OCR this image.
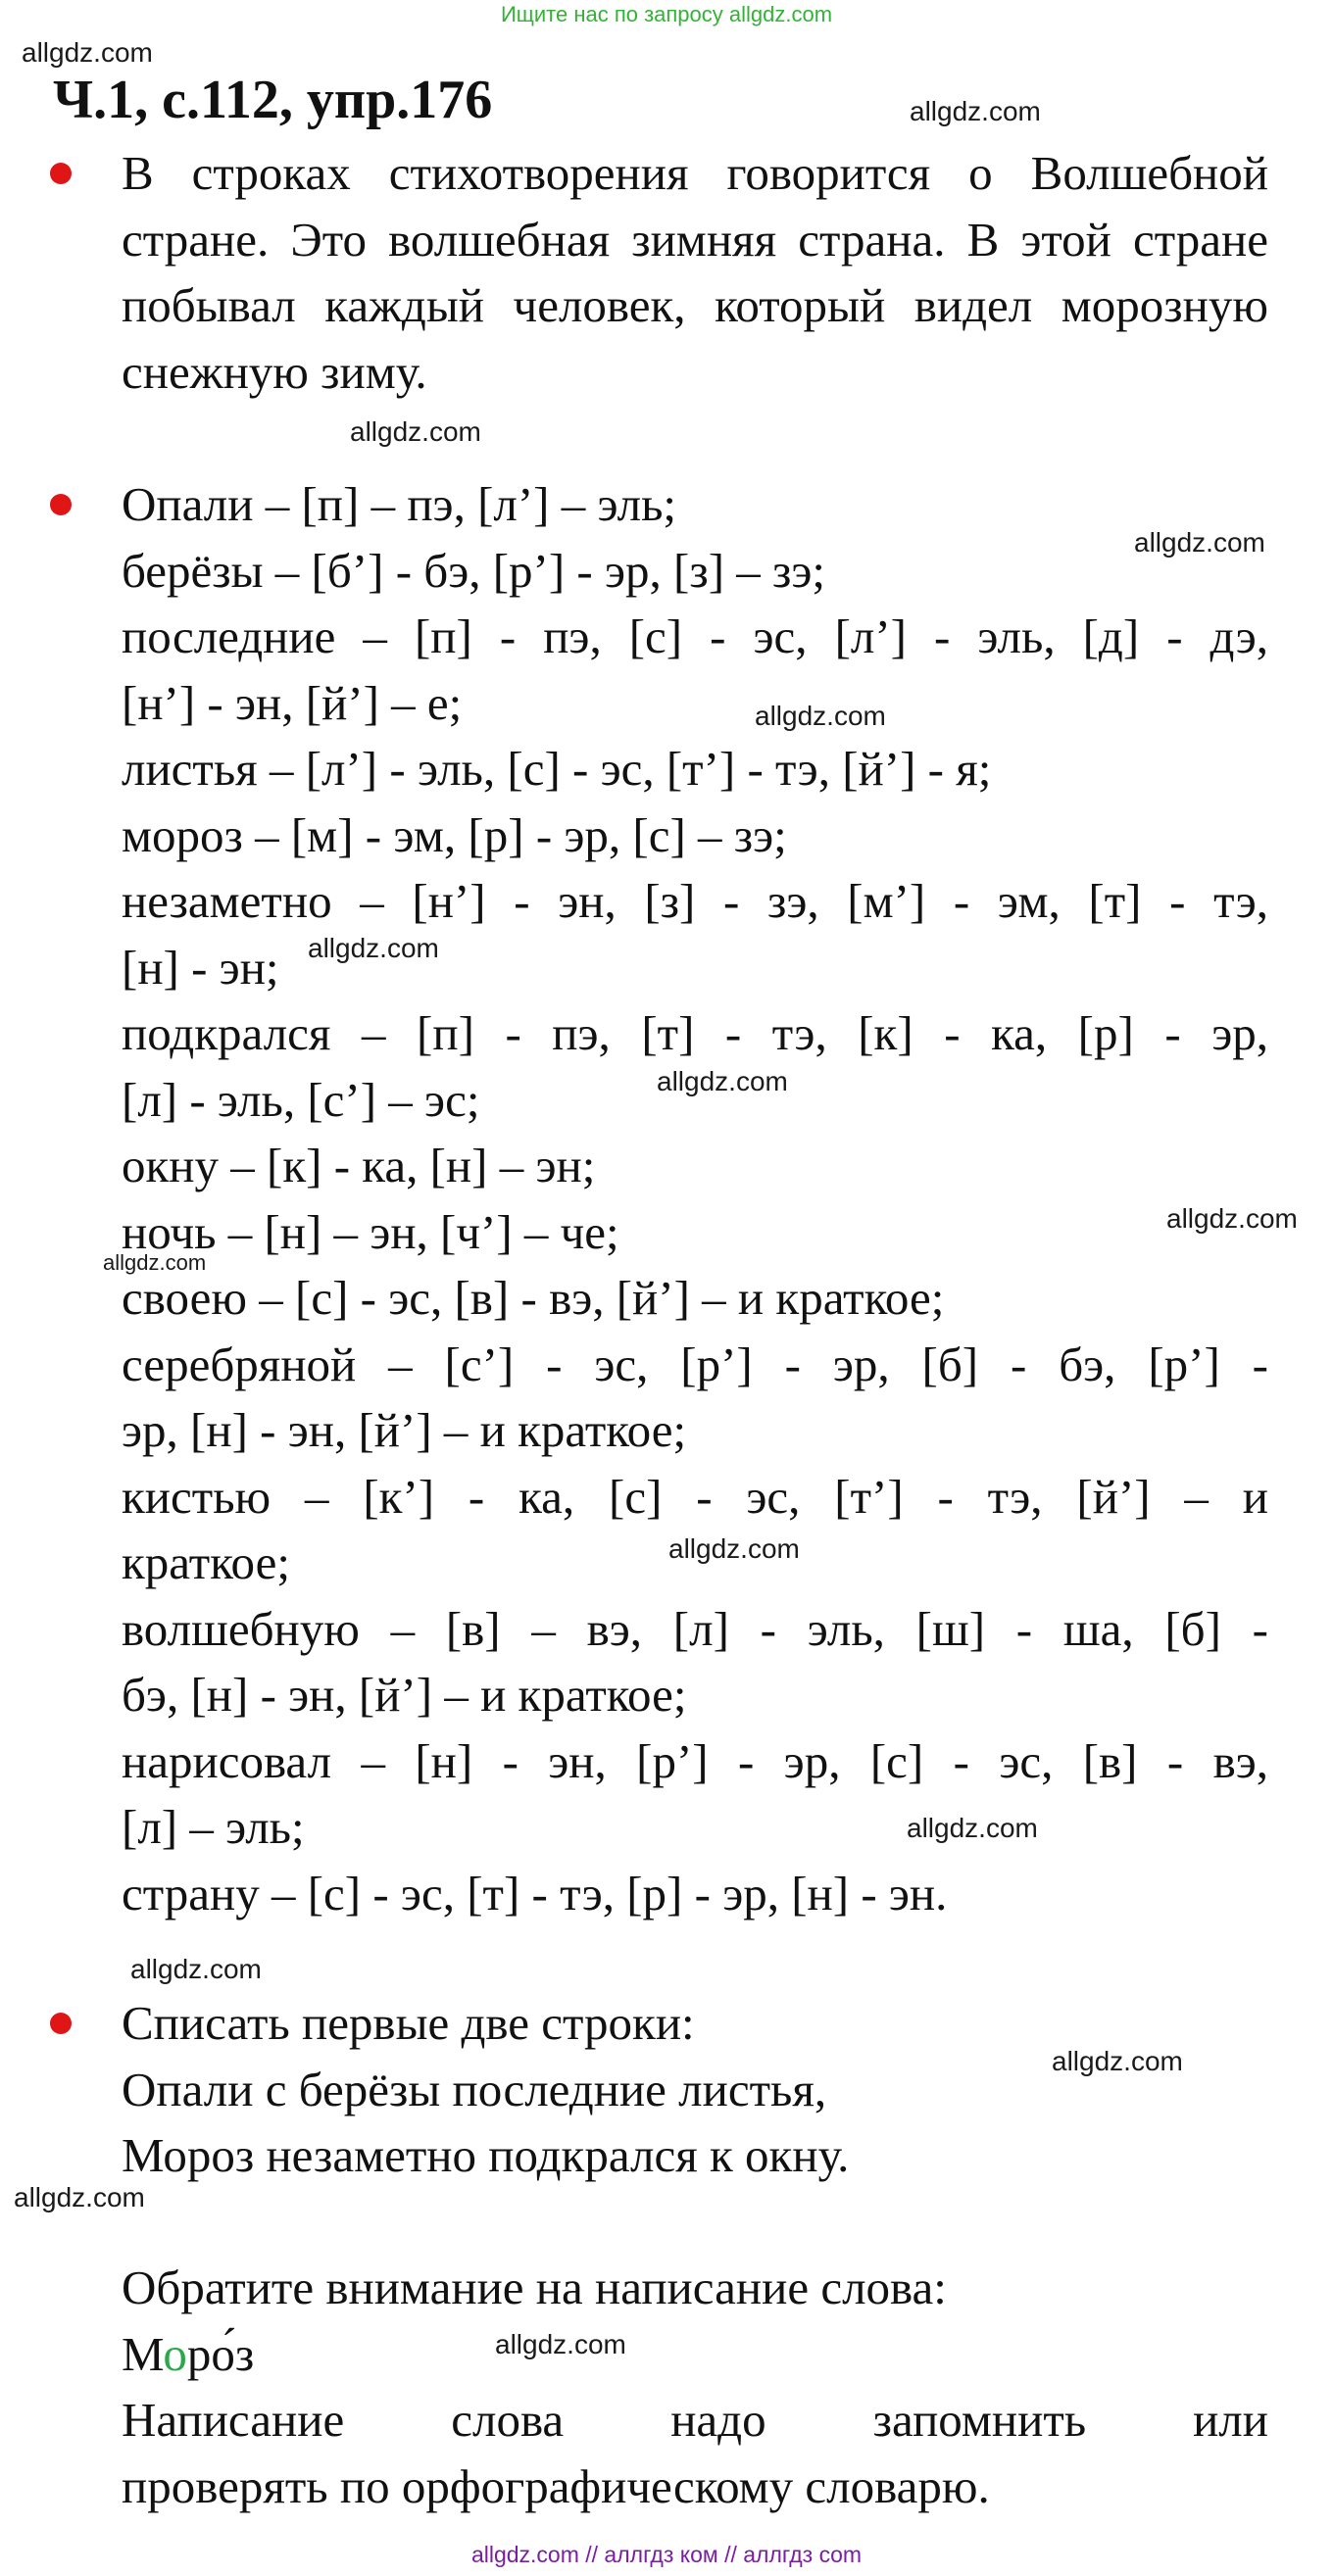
Ищите нас по запросу allgdz.com
allgdz.com
Ч.1, с.112, упр.176	allgdz.com
В строках стихотворения говорится о Волшебной стране. Это волшебная зимняя страна. В этой стране побывал каждый человек, который видел морозную снежную зиму.
allgdz.com
Опали – [п] – пэ, [л’] – эль;
берёзы – [б’] - бэ, [р’] - эр, [з] – зэ;
последние – [п] - пэ, [с] - эс, [л’] - эль, [д] - дэ,
[н’] - эн, [й’] – е;
листья – [л’] - эль, [с] - эс, [т’] - тэ, [й’] - я;
мороз – [м] - эм, [р] - эр, [с] – зэ;
незаметно – [н’] - эн, [з] - зэ, [м’] - эм, [т] - тэ,
[н] - эн;
подкрался – [п] - пэ, [т] - тэ, [к] - ка, [р] - эр,
[л] - эль, [с’] – эс;
окну – [к] - ка, [н] – эн;
ночь – [н] – эн, [ч’] – че;
своею – [с] - эс, [в] - вэ, [й’] – и краткое;
серебряной – [с’] - эс, [р’] - эр, [б] - бэ, [р’] -
эр, [н] - эн, [й’] – и краткое;
кистью – [к’] - ка, [с] - эс, [т’] - тэ, [й’] – и
краткое;
волшебную – [в] – вэ, [л] - эль, [ш] - ша, [б] -
бэ, [н] - эн, [й’] – и краткое;
нарисовал – [н] - эн, [р’] - эр, [с] - эс, [в] - вэ,
[л] – эль;
страну – [с] - эс, [т] - тэ, [р] - эр, [н] - эн.
allgdz.com
allgdz.com
allgdz.com
allgdz.com
allgdz.com
allgdz.com
allgdz.com
allgdz.com
allgdz.com
Списать первые две строки:
Опали с берёзы последние листья,
Мороз незаметно подкрался к окну.
allgdz.com
allgdz.com
Обратите внимание на написание слова:
Моро́з
Написание слова надо запомнить или
проверять по орфографическому словарю.
allgdz.com
allgdz.com // аллгдз ком // аллгдз com
